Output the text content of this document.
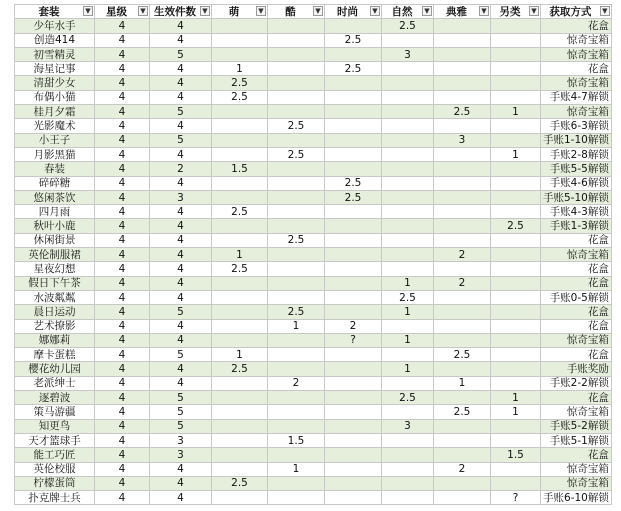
套装 ▼	星级 ▼	生效件数 ▼	萌 ▼	酷 ▼	时尚 ▼	自然 ▼	典雅 ▼	另类 ▼	获取方式 ▼

少年水手	4	4				2.5			花盒
创造414	4	4			2.5				惊奇宝箱
初雪精灵	4	5				3			惊奇宝箱
海星记事	4	4	1		2.5				花盒
清甜少女	4	4	2.5						惊奇宝箱
布偶小猫	4	4	2.5						手账4-7解锁
桂月夕霜	4	5					2.5	1	惊奇宝箱
光影魔术	4	4		2.5					手账6-3解锁
小王子	4	5					3		手账1-10解锁
月影黑猫	4	4		2.5				1	手账2-8解锁
春装	4	2	1.5						手账5-5解锁
碎碎糖	4	4			2.5				手账4-6解锁
悠闲茶饮	4	3			2.5				手账5-10解锁
四月雨	4	4	2.5						手账4-3解锁
秋叶小鹿	4	4						2.5	手账1-3解锁
休闲街景	4	4		2.5					花盒
英伦制服裙	4	4	1				2		惊奇宝箱
星夜幻想	4	4	2.5						花盒
假日下午茶	4	4				1	2		花盒
水波粼粼	4	4				2.5			手账0-5解锁
晨日运动	4	5		2.5		1			花盒
艺术撩影	4	4		1	2				花盒
娜娜莉	4	4			?	1			惊奇宝箱
摩卡蛋糕	4	5	1				2.5		花盒
樱花幼儿园	4	4	2.5			1			手账奖励
老派绅士	4	4		2			1		手账2-2解锁
逐碧波	4	5				2.5		1	花盒
策马游疆	4	5					2.5	1	惊奇宝箱
知更鸟	4	5				3			手账5-2解锁
天才篮球手	4	3		1.5					手账5-1解锁
能工巧匠	4	3						1.5	花盒
英伦校服	4	4		1			2		惊奇宝箱
柠檬蛋筒	4	4	2.5						惊奇宝箱
扑克牌士兵	4	4						?	手账6-10解锁
